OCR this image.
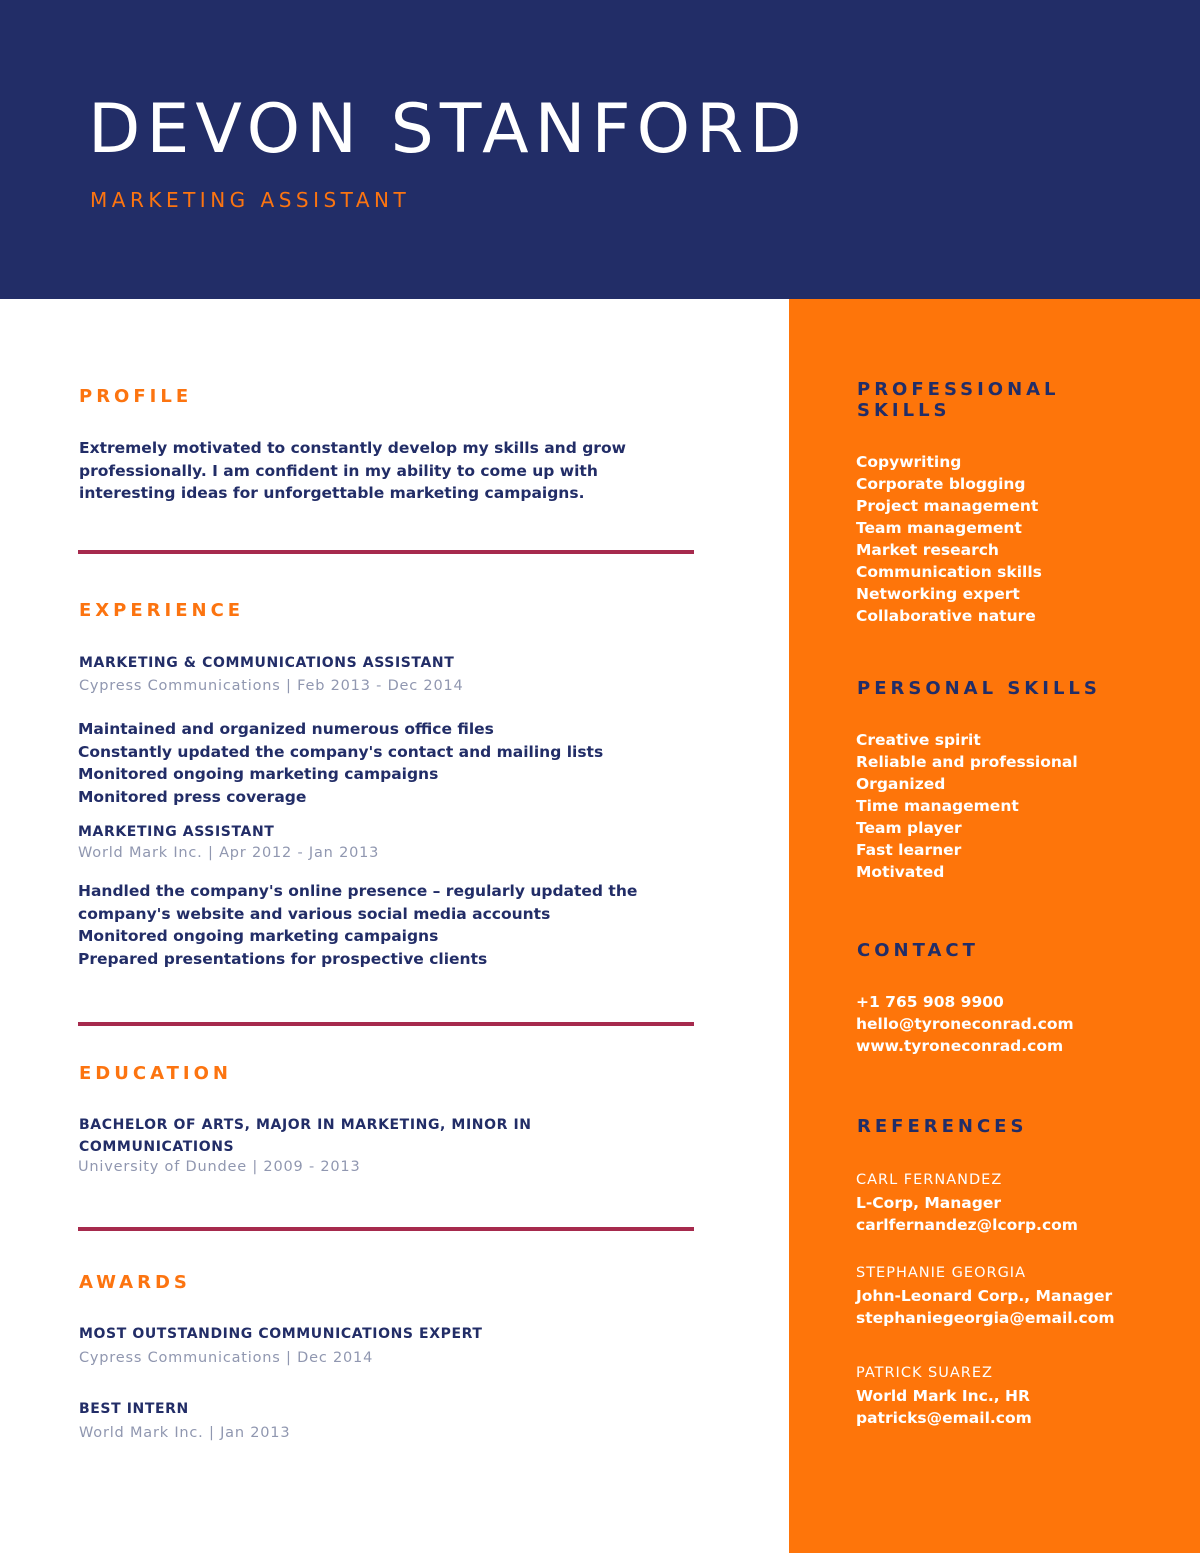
DEVON STANFORD
MARKETING ASSISTANT
PROFILE
Extremely motivated to constantly develop my skills and grow professionally. I am confident in my ability to come up with interesting ideas for unforgettable marketing campaigns.
EXPERIENCE
MARKETING & COMMUNICATIONS ASSISTANT
Cypress Communications | Feb 2013 - Dec 2014
Maintained and organized numerous office files
Constantly updated the company's contact and mailing lists
Monitored ongoing marketing campaigns
Monitored press coverage
MARKETING ASSISTANT
World Mark Inc. | Apr 2012 - Jan 2013
Handled the company's online presence – regularly updated the
company's website and various social media accounts
Monitored ongoing marketing campaigns
Prepared presentations for prospective clients
EDUCATION
BACHELOR OF ARTS, MAJOR IN MARKETING, MINOR IN
COMMUNICATIONS
University of Dundee | 2009 - 2013
AWARDS
MOST OUTSTANDING COMMUNICATIONS EXPERT
Cypress Communications | Dec 2014
BEST INTERN
World Mark Inc. | Jan 2013
PROFESSIONAL
SKILLS
Copywriting
Corporate blogging
Project management
Team management
Market research
Communication skills
Networking expert
Collaborative nature
PERSONAL SKILLS
Creative spirit
Reliable and professional
Organized
Time management
Team player
Fast learner
Motivated
CONTACT
+1 765 908 9900
hello@tyroneconrad.com
www.tyroneconrad.com
REFERENCES
CARL FERNANDEZ
L-Corp, Manager
carlfernandez@lcorp.com
STEPHANIE GEORGIA
John-Leonard Corp., Manager
stephaniegeorgia@email.com
PATRICK SUAREZ
World Mark Inc., HR
patricks@email.com
